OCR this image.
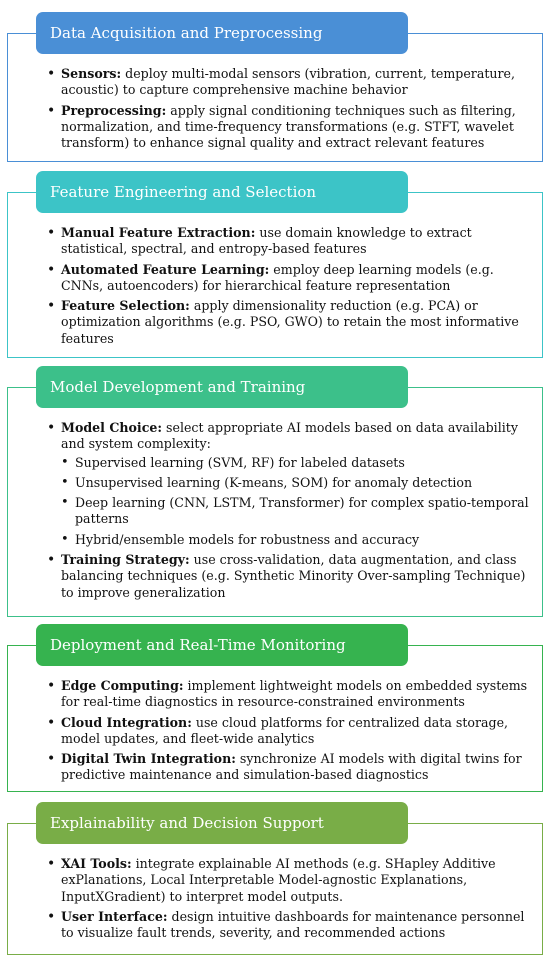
Data Acquisition and Preprocessing
• Sensors: deploy multi-modal sensors (vibration, current, temperature, acoustic) to capture comprehensive machine behavior
• Preprocessing: apply signal conditioning techniques such as filtering, normalization, and time-frequency transformations (e.g. STFT, wavelet transform) to enhance signal quality and extract relevant features
Feature Engineering and Selection
• Manual Feature Extraction: use domain knowledge to extract statistical, spectral, and entropy-based features
• Automated Feature Learning: employ deep learning models (e.g. CNNs, autoencoders) for hierarchical feature representation
• Feature Selection: apply dimensionality reduction (e.g. PCA) or optimization algorithms (e.g. PSO, GWO) to retain the most informative features
Model Development and Training
• Model Choice: select appropriate AI models based on data availability and system complexity:
• Supervised learning (SVM, RF) for labeled datasets
• Unsupervised learning (K-means, SOM) for anomaly detection
• Deep learning (CNN, LSTM, Transformer) for complex spatio-temporal patterns
• Hybrid/ensemble models for robustness and accuracy
• Training Strategy: use cross-validation, data augmentation, and class balancing techniques (e.g. Synthetic Minority Over-sampling Technique) to improve generalization
Deployment and Real-Time Monitoring
• Edge Computing: implement lightweight models on embedded systems for real-time diagnostics in resource-constrained environments
• Cloud Integration: use cloud platforms for centralized data storage, model updates, and fleet-wide analytics
• Digital Twin Integration: synchronize AI models with digital twins for predictive maintenance and simulation-based diagnostics
Explainability and Decision Support
• XAI Tools: integrate explainable AI methods (e.g. SHapley Additive exPlanations, Local Interpretable Model-agnostic Explanations, InputXGradient) to interpret model outputs.
• User Interface: design intuitive dashboards for maintenance personnel to visualize fault trends, severity, and recommended actions
